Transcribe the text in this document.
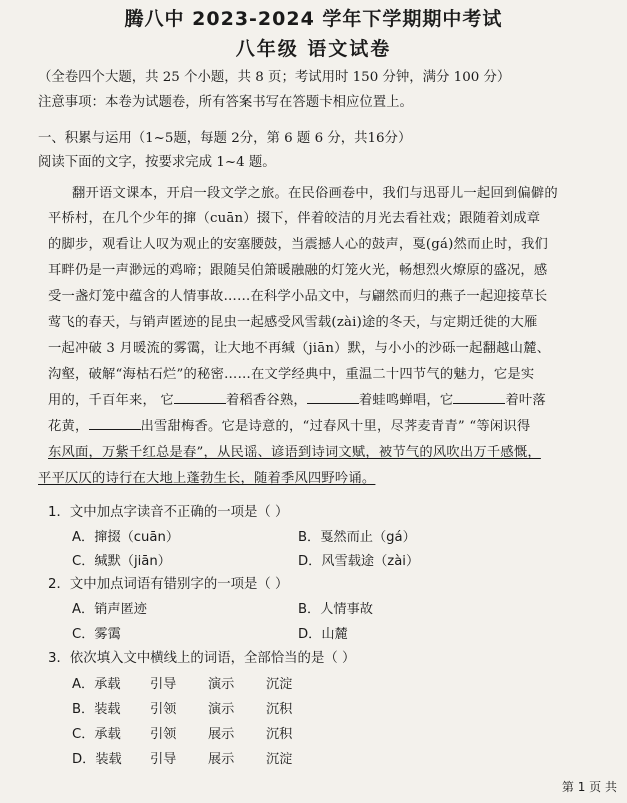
腾八中 2023-2024 学年下学期期中考试
八年级 语文试卷
（全卷四个大题，共 25 个小题，共 8 页；考试用时 150 分钟，满分 100 分）
注意事项：本卷为试题卷，所有答案书写在答题卡相应位置上。
一、积累与运用（1~5题，每题 2分，第 6 题 6 分，共16分）
阅读下面的文字，按要求完成 1~4 题。
翻开语文课本，开启一段文学之旅。在民俗画卷中，我们与迅哥儿一起回到偏僻的
平桥村，在几个少年的撺（cuān）掇下，伴着皎洁的月光去看社戏；跟随着刘成章
的脚步，观看让人叹为观止的安塞腰鼓，当震撼人心的鼓声，戛(gá)然而止时，我们
耳畔仍是一声渺远的鸡啼；跟随吴伯箫暖融融的灯笼火光，畅想烈火燎原的盛况，感
受一盏灯笼中蕴含的人情事故……在科学小品文中，与翩然而归的燕子一起迎接草长
莺飞的春天，与销声匿迹的昆虫一起感受风雪载(zài)途的冬天，与定期迁徙的大雁
一起冲破 3 月暖流的雾霭，让大地不再缄（jiān）默，与小小的沙砾一起翻越山麓、
沟壑，破解“海枯石烂”的秘密……在文学经典中，重温二十四节气的魅力，它是实
用的，千百年来， 它	着稻香谷熟，	着蛙鸣蝉唱，它	着叶落
花黄，	出雪甜梅香。它是诗意的，“过春风十里，尽荠麦青青” “等闲识得
东风面，万紫千红总是春”，从民谣、谚语到诗词文赋，被节气的风吹出万千感慨，
平平仄仄的诗行在大地上蓬勃生长，随着季风四野吟诵。
1．文中加点字读音不正确的一项是（ ）
A．撺掇（cuān）	B．戛然而止（gá）
C．缄默（jiān）	D．风雪载途（zài）
2．文中加点词语有错别字的一项是（ ）
A．销声匿迹	B．人情事故
C．雾霭	D．山麓
3．依次填入文中横线上的词语，全部恰当的是（ ）
A．承载 引导 演示 沉淀
B．装载 引领 演示 沉积
C．承载 引领 展示 沉积
D．装载 引导 展示 沉淀
第 1 页 共
